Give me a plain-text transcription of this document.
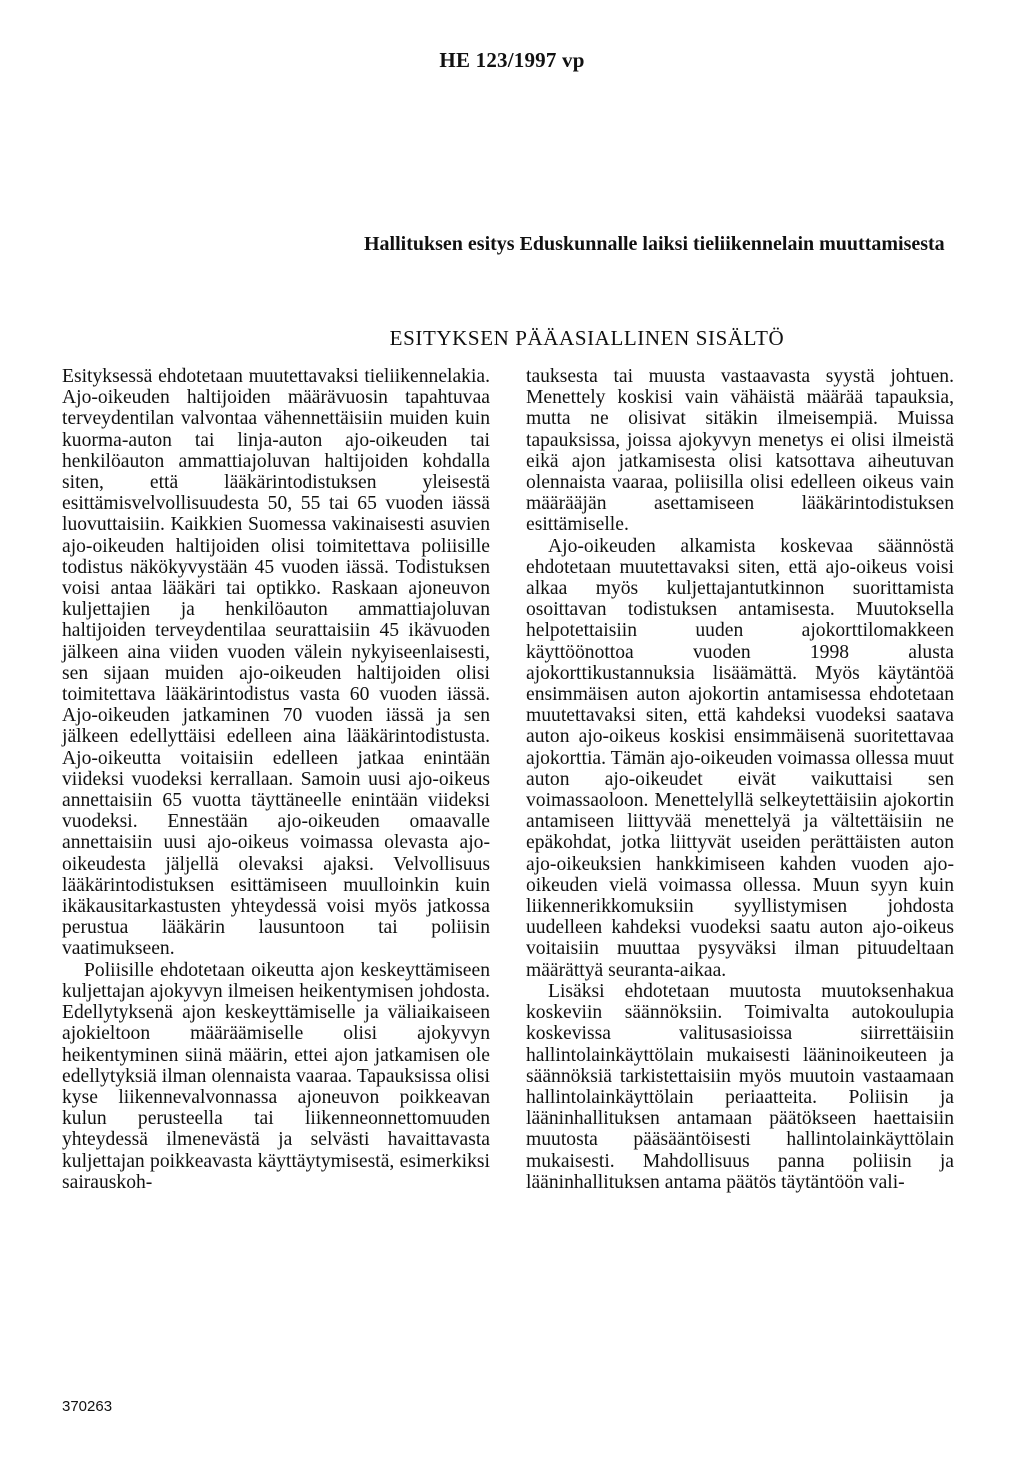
HE 123/1997 vp
Hallituksen esitys Eduskunnalle laiksi tieliikennelain muuttamisesta
ESITYKSEN PÄÄASIALLINEN SISÄLTÖ

Esityksessä ehdotetaan muutettavaksi tieliikennelakia. Ajo-oikeuden haltijoiden määrävuosin tapahtuvaa terveydentilan valvontaa vähennettäisiin muiden kuin kuorma-auton tai linja-auton ajo-oikeuden tai henkilöauton ammattiajoluvan haltijoiden kohdalla siten, että lääkärintodistuksen yleisestä esittämisvelvollisuudesta 50, 55 tai 65 vuoden iässä luovuttaisiin. Kaikkien Suomessa vakinaisesti asuvien ajo-oikeuden haltijoiden olisi toimitettava poliisille todistus näkökyvystään 45 vuoden iässä. Todistuksen voisi antaa lääkäri tai optikko. Raskaan ajoneuvon kuljettajien ja henkilöauton ammattiajoluvan haltijoiden terveydentilaa seurattaisiin 45 ikävuoden jälkeen aina viiden vuoden välein nykyiseenlaisesti, sen sijaan muiden ajo-oikeuden haltijoiden olisi toimitettava lääkärintodistus vasta 60 vuoden iässä. Ajo-oikeuden jatkaminen 70 vuoden iässä ja sen jälkeen edellyttäisi edelleen aina lääkärintodistusta. Ajo-oikeutta voitaisiin edelleen jatkaa enintään viideksi vuodeksi kerrallaan. Samoin uusi ajo-oikeus annettaisiin 65 vuotta täyttäneelle enintään viideksi vuodeksi. Ennestään ajo-oikeuden omaavalle annettaisiin uusi ajo-oikeus voimassa olevasta ajo-oikeudesta jäljellä olevaksi ajaksi. Velvollisuus lääkärintodistuksen esittämiseen muulloinkin kuin ikäkausitarkastusten yhteydessä voisi myös jatkossa perustua lääkärin lausuntoon tai poliisin vaatimukseen.

Poliisille ehdotetaan oikeutta ajon keskeyttämiseen kuljettajan ajokyvyn ilmeisen heikentymisen johdosta. Edellytyksenä ajon keskeyttämiselle ja väliaikaiseen ajokieltoon määräämiselle olisi ajokyvyn heikentyminen siinä määrin, ettei ajon jatkamisen ole edellytyksiä ilman olennaista vaaraa. Tapauksissa olisi kyse liikennevalvonnassa ajoneuvon poikkeavan kulun perusteella tai liikenneonnettomuuden yhteydessä ilmenevästä ja selvästi havaittavasta kuljettajan poikkeavasta käyttäytymisestä, esimerkiksi sairauskoh-

tauksesta tai muusta vastaavasta syystä johtuen. Menettely koskisi vain vähäistä määrää tapauksia, mutta ne olisivat sitäkin ilmeisempiä. Muissa tapauksissa, joissa ajokyvyn menetys ei olisi ilmeistä eikä ajon jatkamisesta olisi katsottava aiheutuvan olennaista vaaraa, poliisilla olisi edelleen oikeus vain määrääjän asettamiseen lääkärintodistuksen esittämiselle.

Ajo-oikeuden alkamista koskevaa säännöstä ehdotetaan muutettavaksi siten, että ajo-oikeus voisi alkaa myös kuljettajantutkinnon suorittamista osoittavan todistuksen antamisesta. Muutoksella helpotettaisiin uuden ajokorttilomakkeen käyttöönottoa vuoden 1998 alusta ajokorttikustannuksia lisäämättä. Myös käytäntöä ensimmäisen auton ajokortin antamisessa ehdotetaan muutettavaksi siten, että kahdeksi vuodeksi saatava auton ajo-oikeus koskisi ensimmäisenä suoritettavaa ajokorttia. Tämän ajo-oikeuden voimassa ollessa muut auton ajo-oikeudet eivät vaikuttaisi sen voimassaoloon. Menettelyllä selkeytettäisiin ajokortin antamiseen liittyvää menettelyä ja vältettäisiin ne epäkohdat, jotka liittyvät useiden perättäisten auton ajo-oikeuksien hankkimiseen kahden vuoden ajo-oikeuden vielä voimassa ollessa. Muun syyn kuin liikennerikkomuksiin syyllistymisen johdosta uudelleen kahdeksi vuodeksi saatu auton ajo-oikeus voitaisiin muuttaa pysyväksi ilman pituudeltaan määrättyä seuranta-aikaa.

Lisäksi ehdotetaan muutosta muutoksenhakua koskeviin säännöksiin. Toimivalta autokoulupia koskevissa valitusasioissa siirrettäisiin hallintolainkäyttölain mukaisesti lääninoikeuteen ja säännöksiä tarkistettaisiin myös muutoin vastaamaan hallintolainkäyttölain periaatteita. Poliisin ja lääninhallituksen antamaan päätökseen haettaisiin muutosta pääsääntöisesti hallintolainkäyttölain mukaisesti. Mahdollisuus panna poliisin ja lääninhallituksen antama päätös täytäntöön vali-

370263
